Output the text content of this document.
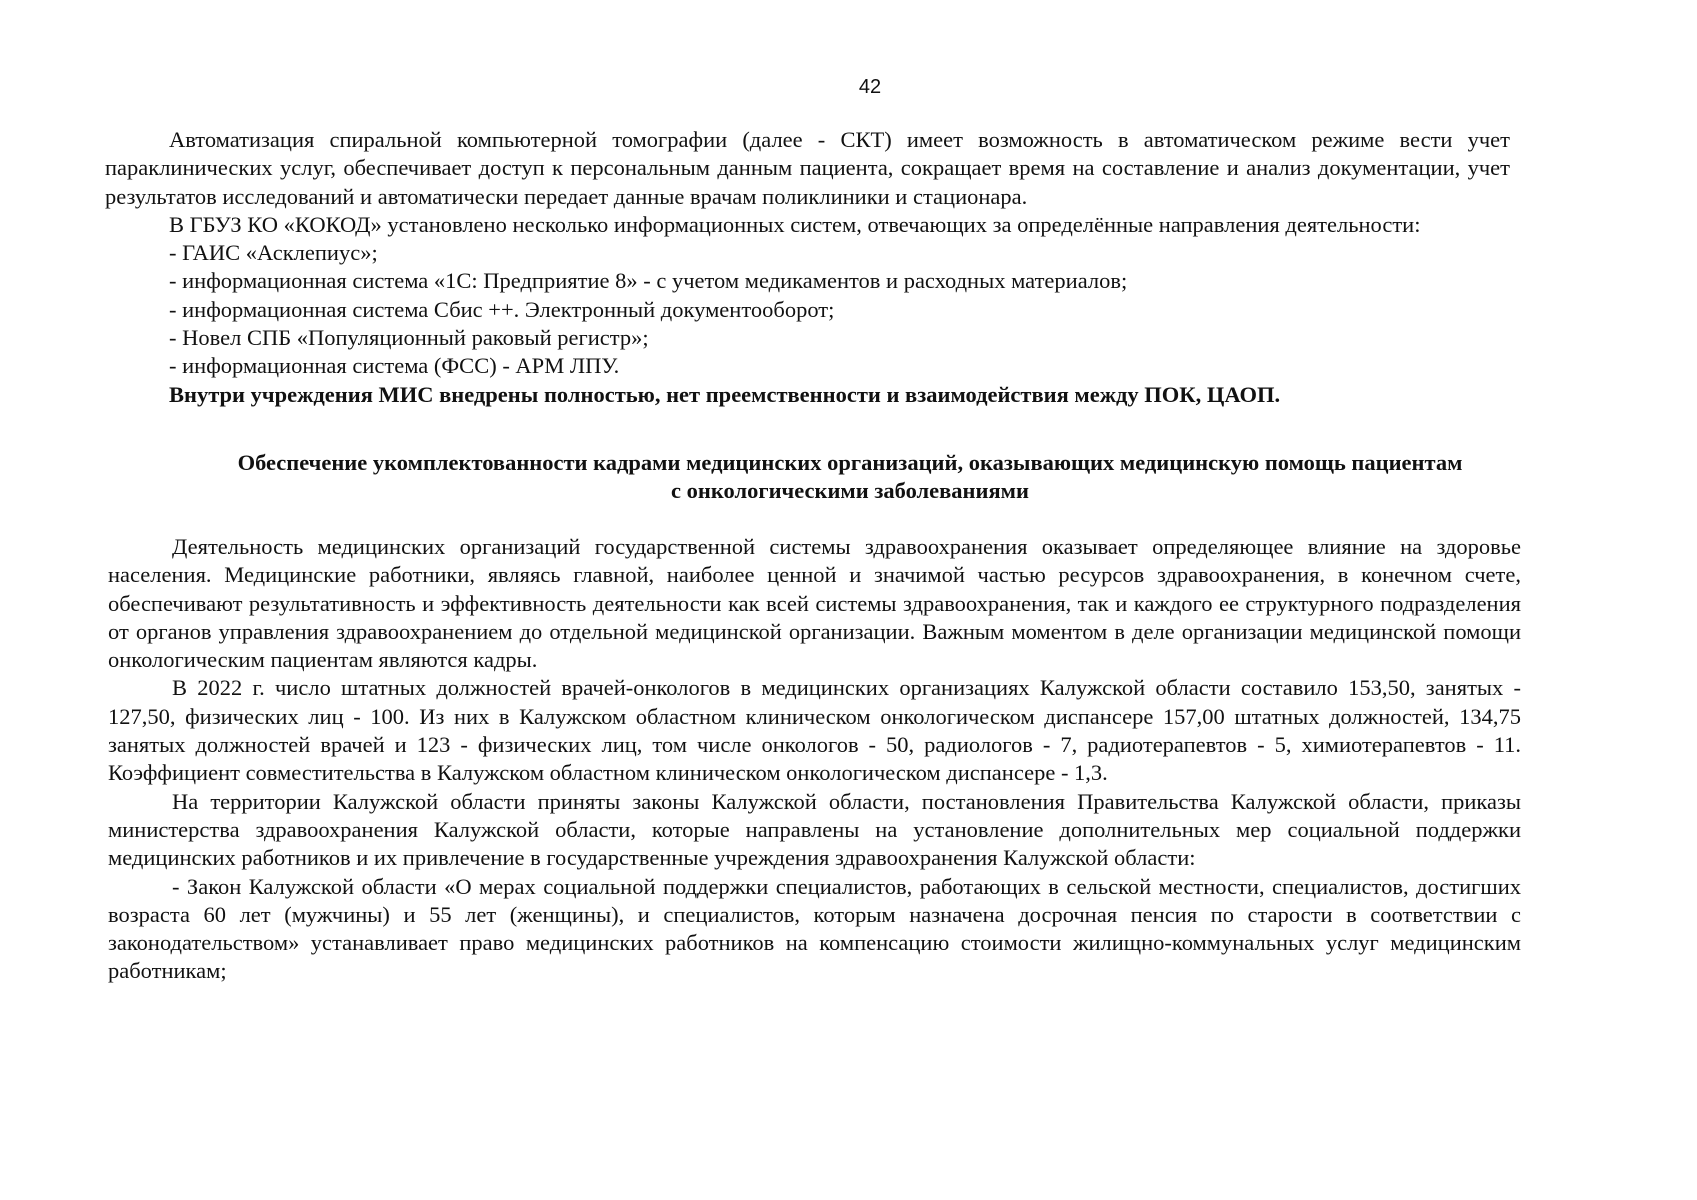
42

Автоматизация спиральной компьютерной томографии (далее - СКТ) имеет возможность в автоматическом режиме вести учет параклинических услуг, обеспечивает доступ к персональным данным пациента, сокращает время на составление и анализ документации, учет результатов исследований и автоматически передает данные врачам поликлиники и стационара.

В ГБУЗ КО «КОКОД» установлено несколько информационных систем, отвечающих за определённые направления деятельности:

- ГАИС «Асклепиус»;

- информационная система «1С: Предприятие 8» - с учетом медикаментов и расходных материалов;

- информационная система Сбис ++. Электронный документооборот;

- Новел СПБ «Популяционный раковый регистр»;

- информационная система (ФСС) - АРМ ЛПУ.

Внутри учреждения МИС внедрены полностью, нет преемственности и взаимодействия между ПОК, ЦАОП.

Обеспечение укомплектованности кадрами медицинских организаций, оказывающих медицинскую помощь пациентам
с онкологическими заболеваниями

Деятельность медицинских организаций государственной системы здравоохранения оказывает определяющее влияние на здоровье населения. Медицинские работники, являясь главной, наиболее ценной и значимой частью ресурсов здравоохранения, в конечном счете, обеспечивают результативность и эффективность деятельности как всей системы здравоохранения, так и каждого ее структурного подразделения от органов управления здравоохранением до отдельной медицинской организации. Важным моментом в деле организации медицинской помощи онкологическим пациентам являются кадры.

В 2022 г. число штатных должностей врачей-онкологов в медицинских организациях Калужской области составило 153,50, занятых - 127,50, физических лиц - 100. Из них в Калужском областном клиническом онкологическом диспансере 157,00 штатных должностей, 134,75 занятых должностей врачей и 123 - физических лиц, том числе онкологов - 50, радиологов - 7, радиотерапевтов - 5, химиотерапевтов - 11. Коэффициент совместительства в Калужском областном клиническом онкологическом диспансере - 1,3.

На территории Калужской области приняты законы Калужской области, постановления Правительства Калужской области, приказы министерства здравоохранения Калужской области, которые направлены на установление дополнительных мер социальной поддержки медицинских работников и их привлечение в государственные учреждения здравоохранения Калужской области:

- Закон Калужской области «О мерах социальной поддержки специалистов, работающих в сельской местности, специалистов, достигших возраста 60 лет (мужчины) и 55 лет (женщины), и специалистов, которым назначена досрочная пенсия по старости в соответствии с законодательством» устанавливает право медицинских работников на компенсацию стоимости жилищно-коммунальных услуг медицинским работникам;
